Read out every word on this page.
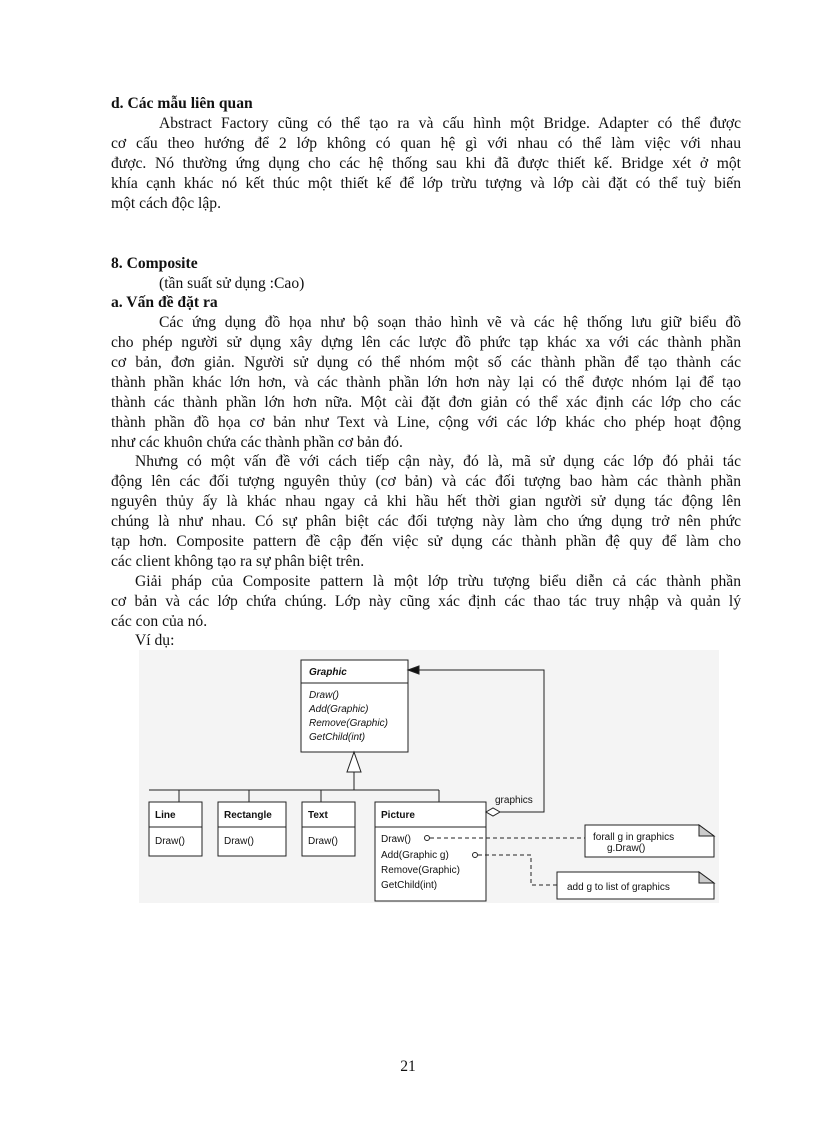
d. Các mẫu liên quan
Abstract Factory cũng có thể tạo ra và cấu hình một Bridge. Adapter có thể được
cơ cấu theo hướng để 2 lớp không có quan hệ gì với nhau có thể làm việc với nhau
được. Nó thường ứng dụng cho các hệ thống sau khi đã được thiết kế. Bridge xét ở một
khía cạnh khác nó kết thúc một thiết kế để lớp trừu tượng và lớp cài đặt có thể tuỳ biến
một cách độc lập.
8. Composite
(tần suất sử dụng :Cao)
a. Vấn đề đặt ra
Các ứng dụng đồ họa như bộ soạn thảo hình vẽ và các hệ thống lưu giữ biểu đồ
cho phép người sử dụng xây dựng lên các lược đồ phức tạp khác xa với các thành phần
cơ bản, đơn giản. Người sử dụng có thể nhóm một số các thành phần để tạo thành các
thành phần khác lớn hơn, và các thành phần lớn hơn này lại có thể được nhóm lại để tạo
thành các thành phần lớn hơn nữa. Một cài đặt đơn giản có thể xác định các lớp cho các
thành phần đồ họa cơ bản như Text và Line, cộng với các lớp khác cho phép hoạt động
như các khuôn chứa các thành phần cơ bản đó.
Nhưng có một vấn đề với cách tiếp cận này, đó là, mã sử dụng các lớp đó phải tác
động lên các đối tượng nguyên thủy (cơ bản) và các đối tượng bao hàm các thành phần
nguyên thủy ấy là khác nhau ngay cả khi hầu hết thời gian người sử dụng tác động lên
chúng là như nhau. Có sự phân biệt các đối tượng này làm cho ứng dụng trở nên phức
tạp hơn. Composite pattern đề cập đến việc sử dụng các thành phần đệ quy để làm cho
các client không tạo ra sự phân biệt trên.
Giải pháp của Composite pattern là một lớp trừu tượng biểu diễn cả các thành phần
cơ bản và các lớp chứa chúng. Lớp này cũng xác định các thao tác truy nhập và quản lý
các con của nó.
Ví dụ:
Graphic
Draw()
Add(Graphic)
Remove(Graphic)
GetChild(int)
Line
Draw()
Rectangle
Draw()
Text
Draw()
Picture
Draw()
Add(Graphic g)
Remove(Graphic)
GetChild(int)
graphics
forall g in graphics
g.Draw()
add g to list of graphics
21
